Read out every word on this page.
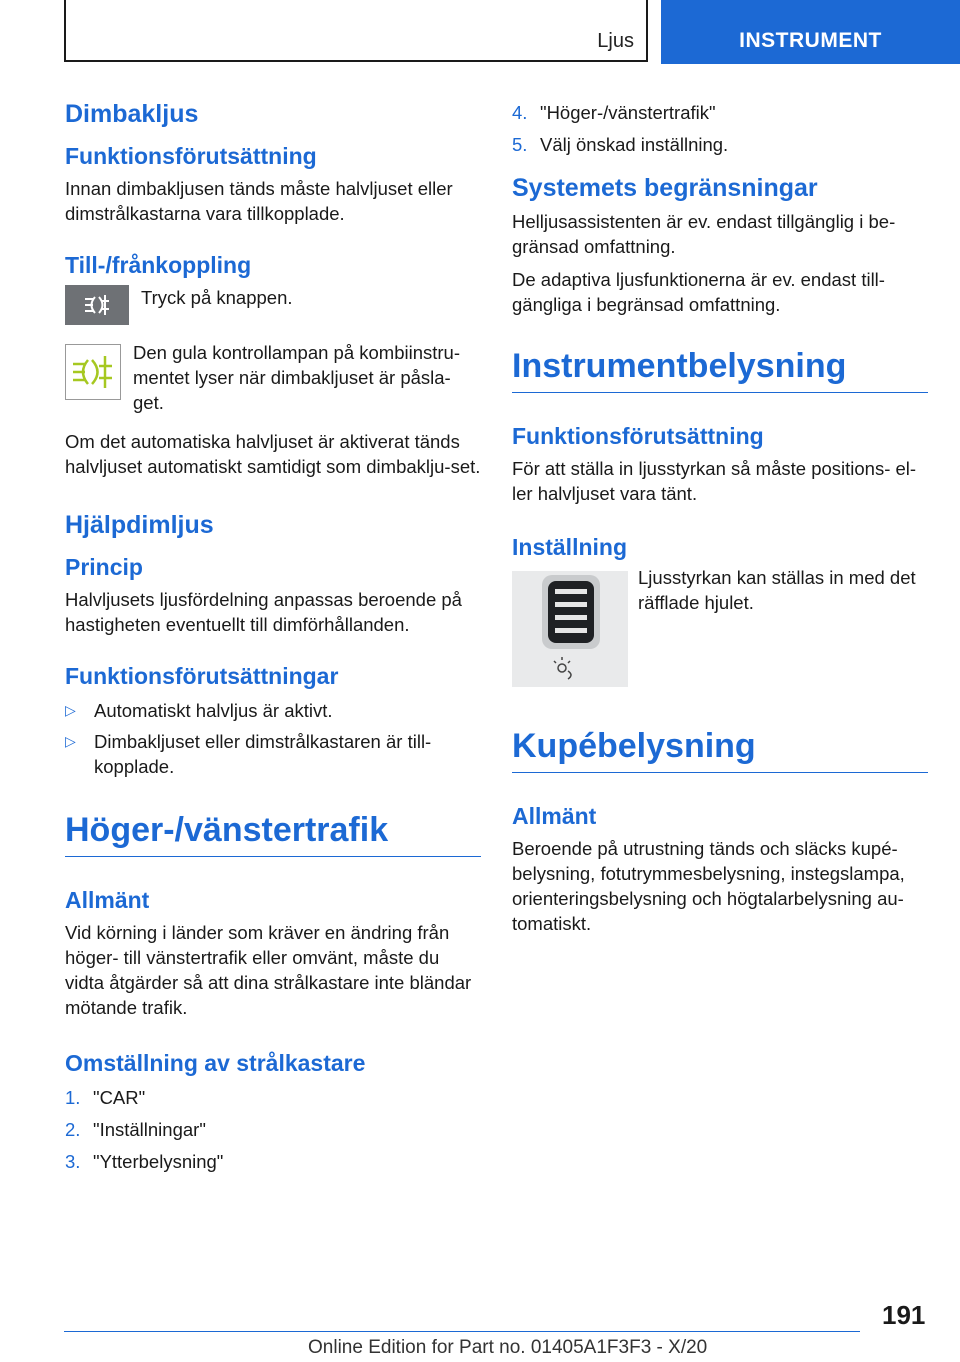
Ljus	INSTRUMENT
Dimbakljus
Funktionsförutsättning
Innan dimbakljusen tänds måste halvljuset eller dimstrålkastarna vara tillkopplade.
Till-/frånkoppling
Tryck på knappen.
Den gula kontrollampan på kombiinstru-mentet lyser när dimbakljuset är påsla-get.
Om det automatiska halvljuset är aktiverat tänds halvljuset automatiskt samtidigt som dimbaklju-set.
Hjälpdimljus
Princip
Halvljusets ljusfördelning anpassas beroende på hastigheten eventuellt till dimförhållanden.
Funktionsförutsättningar
▷ Automatiskt halvljus är aktivt.
▷ Dimbakljuset eller dimstrålkastaren är till-kopplade.
Höger-/vänstertrafik
Allmänt
Vid körning i länder som kräver en ändring från höger- till vänstertrafik eller omvänt, måste du vidta åtgärder så att dina strålkastare inte bländar mötande trafik.
Omställning av strålkastare
1. "CAR"
2. "Inställningar"
3. "Ytterbelysning"
4. "Höger-/vänstertrafik"
5. Välj önskad inställning.
Systemets begränsningar
Helljusassistenten är ev. endast tillgänglig i be-gränsad omfattning.
De adaptiva ljusfunktionerna är ev. endast till-gängliga i begränsad omfattning.
Instrumentbelysning
Funktionsförutsättning
För att ställa in ljusstyrkan så måste positions- el-ler halvljuset vara tänt.
Inställning
Ljusstyrkan kan ställas in med det räfflade hjulet.
Kupébelysning
Allmänt
Beroende på utrustning tänds och släcks kupé-belysning, fotutrymmesbelysning, instegslampa, orienteringsbelysning och högtalarbelysning au-tomatiskt.
191
Online Edition for Part no. 01405A1F3F3 - X/20
